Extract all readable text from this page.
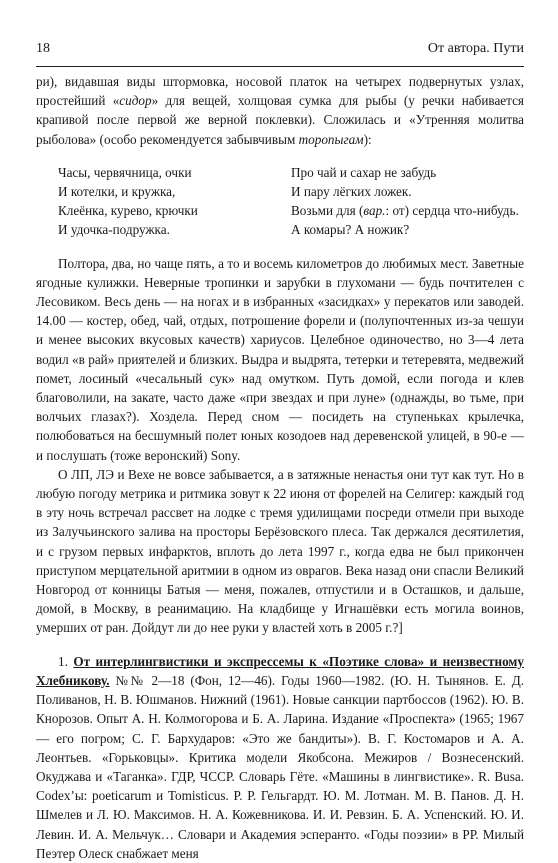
18	От автора. Пути

ри), видавшая виды штормовка, носовой платок на четырех подвернутых узлах, простейший «сидор» для вещей, холщовая сумка для рыбы (у речки набивается крапивой после первой же верной поклевки). Сложилась и «Утренняя молитва рыболова» (особо рекомендуется забывчивым торопыгам):

Часы, червячница, очки
И котелки, и кружка,
Клеёнка, курево, крючки
И удочка-подружка.
Про чай и сахар не забудь
И пару лёгких ложек.
Возьми для (вар.: от) сердца что-нибудь.
А комары? А ножик?

Полтора, два, но чаще пять, а то и восемь километров до любимых мест. Заветные ягодные кулижки. Неверные тропинки и зарубки в глухомани — будь почтителен с Лесовиком. Весь день — на ногах и в избранных «засидках» у перекатов или заводей. 14.00 — костер, обед, чай, отдых, потрошение форели и (полупочтенных из-за чешуи и менее высоких вкусовых качеств) хариусов. Целебное одиночество, но 3—4 лета водил «в рай» приятелей и близких. Выдра и выдрята, тетерки и тетеревята, медвежий помет, лосиный «чесальный сук» над омутком. Путь домой, если погода и клев благоволили, на закате, часто даже «при звездах и при луне» (однажды, во тьме, при волчьих глазах?). Хоздела. Перед сном — посидеть на ступеньках крылечка, полюбоваться на бесшумный полет юных козодоев над деревенской улицей, в 90-е — и послушать (тоже веронский) Sony.

О ЛП, ЛЭ и Вехе не вовсе забывается, а в затяжные ненастья они тут как тут. Но в любую погоду метрика и ритмика зовут к 22 июня от форелей на Селигер: каждый год в эту ночь встречал рассвет на лодке с тремя удилищами посреди отмели при выходе из Залучьинского залива на просторы Берёзовского плеса. Так держался десятилетия, и с грузом первых инфарктов, вплоть до лета 1997 г., когда едва не был прикончен приступом мерцательной аритмии в одном из оврагов. Века назад они спасли Великий Новгород от конницы Батыя — меня, пожалев, отпустили и в Осташков, и дальше, домой, в Москву, в реанимацию. На кладбище у Игнашёвки есть могила воинов, умерших от ран. Дойдут ли до нее руки у властей хоть в 2005 г.?]

1. От интерлингвистики и экспрессемы к «Поэтике слова» и неизвестному Хлебникову. №№ 2—18 (Фон, 12—46). Годы 1960—1982. (Ю. Н. Тынянов. Е. Д. Поливанов, Н. В. Юшманов. Нижний (1961). Новые санкции партбоссов (1962). Ю. В. Кнорозов. Опыт А. Н. Колмогорова и Б. А. Ларина. Издание «Проспекта» (1965; 1967 — его погром; С. Г. Бархударов: «Это же бандиты»). В. Г. Костомаров и А. А. Леонтьев. «Горьковцы». Критика модели Якобсона. Межиров / Вознесенский. Окуджава и «Таганка». ГДР, ЧССР. Словарь Гёте. «Машины в лингвистике». R. Busa. Codex’ы: poeticarum и Tomisticus. Р. Р. Гельгардт. Ю. М. Лотман. М. В. Панов. Д. Н. Шмелев и Л. Ю. Максимов. Н. А. Кожевникова. И. И. Ревзин. Б. А. Успенский. Ю. И. Левин. И. А. Мельчук… Словари и Академия эсперанто. «Годы поэзии» в РР. Милый Пеэтер Олеск снабжает меня
